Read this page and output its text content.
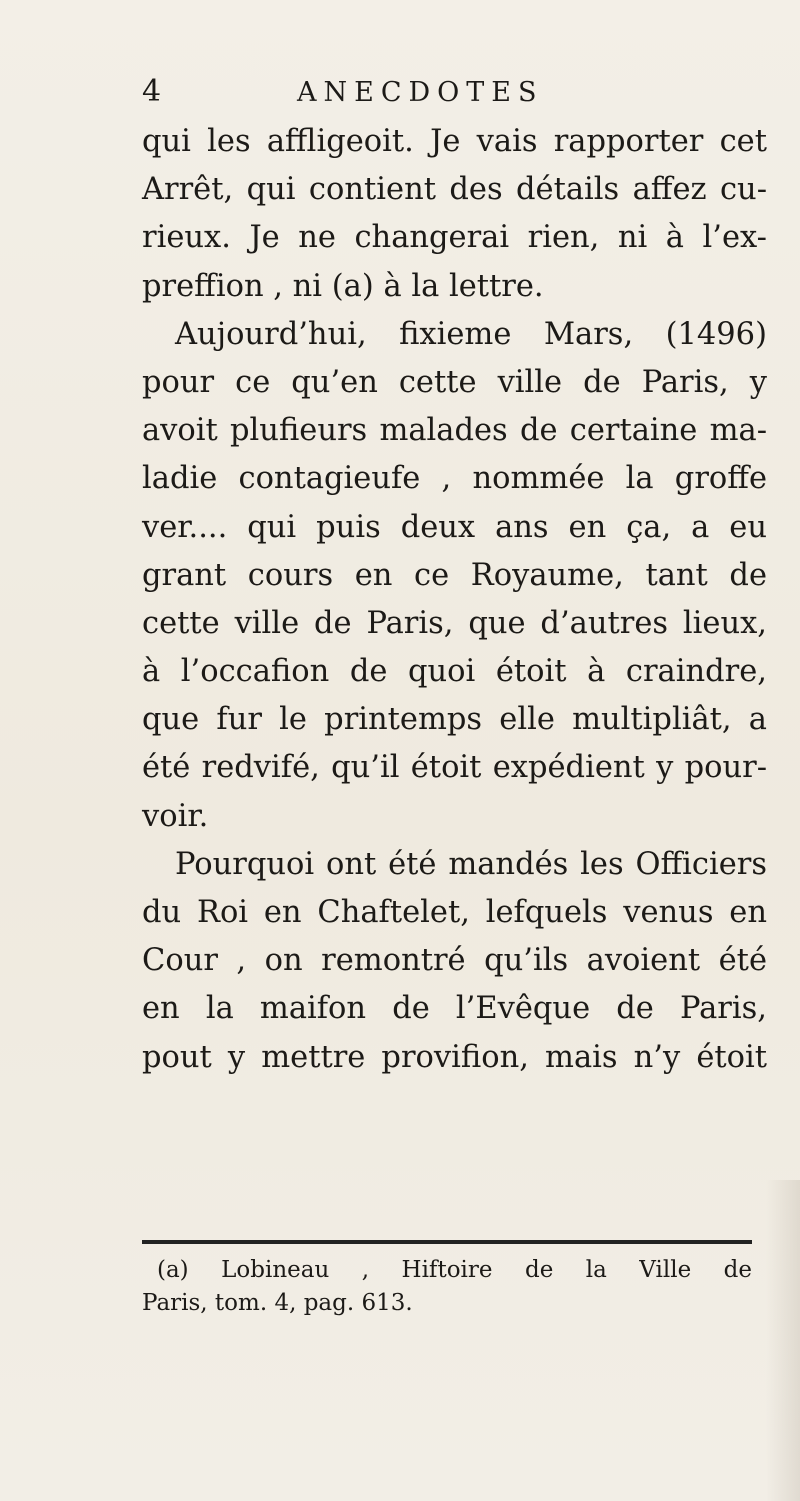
4	ANECDOTES
qui les affligeoit. Je vais rapporter cet
Arrêt, qui contient des détails affez cu-
rieux. Je ne changerai rien, ni à l’ex-
preffion , ni (a) à la lettre.
Aujourd’hui, fixieme Mars, (1496)
pour ce qu’en cette ville de Paris, y
avoit plufieurs malades de certaine ma-
ladie contagieufe , nommée la groffe
ver.... qui puis deux ans en ça, a eu
grant cours en ce Royaume, tant de
cette ville de Paris, que d’autres lieux,
à l’occafion de quoi étoit à craindre,
que fur le printemps elle multipliât, a
été redvifé, qu’il étoit expédient y pour-
voir.
Pourquoi ont été mandés les Officiers
du Roi en Chaftelet, lefquels venus en
Cour , on remontré qu’ils avoient été
en la maifon de l’Evêque de Paris,
pout y mettre provifion, mais n’y étoit
(a) Lobineau , Hiftoire de la Ville de
Paris, tom. 4, pag. 613.
